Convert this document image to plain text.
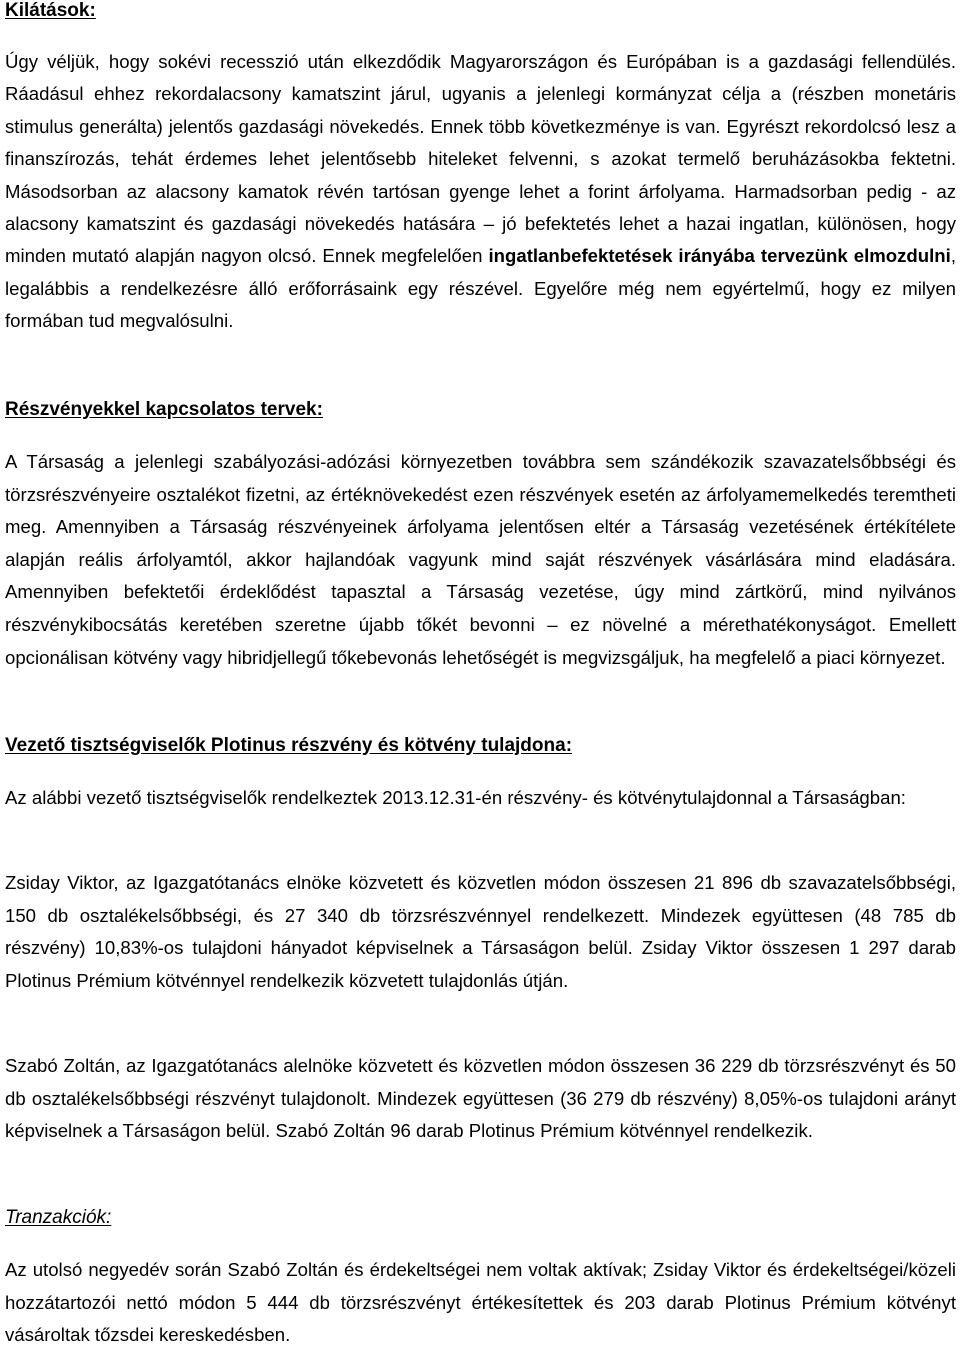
Kilátások:

Úgy véljük, hogy sokévi recesszió után elkezdődik Magyarországon és Európában is a gazdasági fellendülés. Ráadásul ehhez rekordalacsony kamatszint járul, ugyanis a jelenlegi kormányzat célja a (részben monetáris stimulus generálta) jelentős gazdasági növekedés. Ennek több következménye is van. Egyrészt rekordolcsó lesz a finanszírozás, tehát érdemes lehet jelentősebb hiteleket felvenni, s azokat termelő beruházásokba fektetni. Másodsorban az alacsony kamatok révén tartósan gyenge lehet a forint árfolyama. Harmadsorban pedig - az alacsony kamatszint és gazdasági növekedés hatására – jó befektetés lehet a hazai ingatlan, különösen, hogy minden mutató alapján nagyon olcsó. Ennek megfelelően ingatlanbefektetések irányába tervezünk elmozdulni, legalábbis a rendelkezésre álló erőforrásaink egy részével. Egyelőre még nem egyértelmű, hogy ez milyen formában tud megvalósulni.

Részvényekkel kapcsolatos tervek:

A Társaság a jelenlegi szabályozási-adózási környezetben továbbra sem szándékozik szavazatelsőbbségi és törzsrészvényeire osztalékot fizetni, az értéknövekedést ezen részvények esetén az árfolyamemelkedés teremtheti meg. Amennyiben a Társaság részvényeinek árfolyama jelentősen eltér a Társaság vezetésének értékítélete alapján reális árfolyamtól, akkor hajlandóak vagyunk mind saját részvények vásárlására mind eladására. Amennyiben befektetői érdeklődést tapasztal a Társaság vezetése, úgy mind zártkörű, mind nyilvános részvénykibocsátás keretében szeretne újabb tőkét bevonni – ez növelné a mérethatékonyságot. Emellett opcionálisan kötvény vagy hibridjellegű tőkebevonás lehetőségét is megvizsgáljuk, ha megfelelő a piaci környezet.

Vezető tisztségviselők Plotinus részvény és kötvény tulajdona:

Az alábbi vezető tisztségviselők rendelkeztek 2013.12.31-én részvény- és kötvénytulajdonnal a Társaságban:

Zsiday Viktor, az Igazgatótanács elnöke közvetett és közvetlen módon összesen 21 896 db szavazatelsőbbségi, 150 db osztalékelsőbbségi, és 27 340 db törzsrészvénnyel rendelkezett. Mindezek együttesen (48 785 db részvény) 10,83%-os tulajdoni hányadot képviselnek a Társaságon belül. Zsiday Viktor összesen 1 297 darab Plotinus Prémium kötvénnyel rendelkezik közvetett tulajdonlás útján.

Szabó Zoltán, az Igazgatótanács alelnöke közvetett és közvetlen módon összesen 36 229 db törzsrészvényt és 50 db osztalékelsőbbségi részvényt tulajdonolt. Mindezek együttesen (36 279 db részvény) 8,05%-os tulajdoni arányt képviselnek a Társaságon belül. Szabó Zoltán 96 darab Plotinus Prémium kötvénnyel rendelkezik.

Tranzakciók:

Az utolsó negyedév során Szabó Zoltán és érdekeltségei nem voltak aktívak; Zsiday Viktor és érdekeltségei/közeli hozzátartozói nettó módon 5 444 db törzsrészvényt értékesítettek és 203 darab Plotinus Prémium kötvényt vásároltak tőzsdei kereskedésben.
